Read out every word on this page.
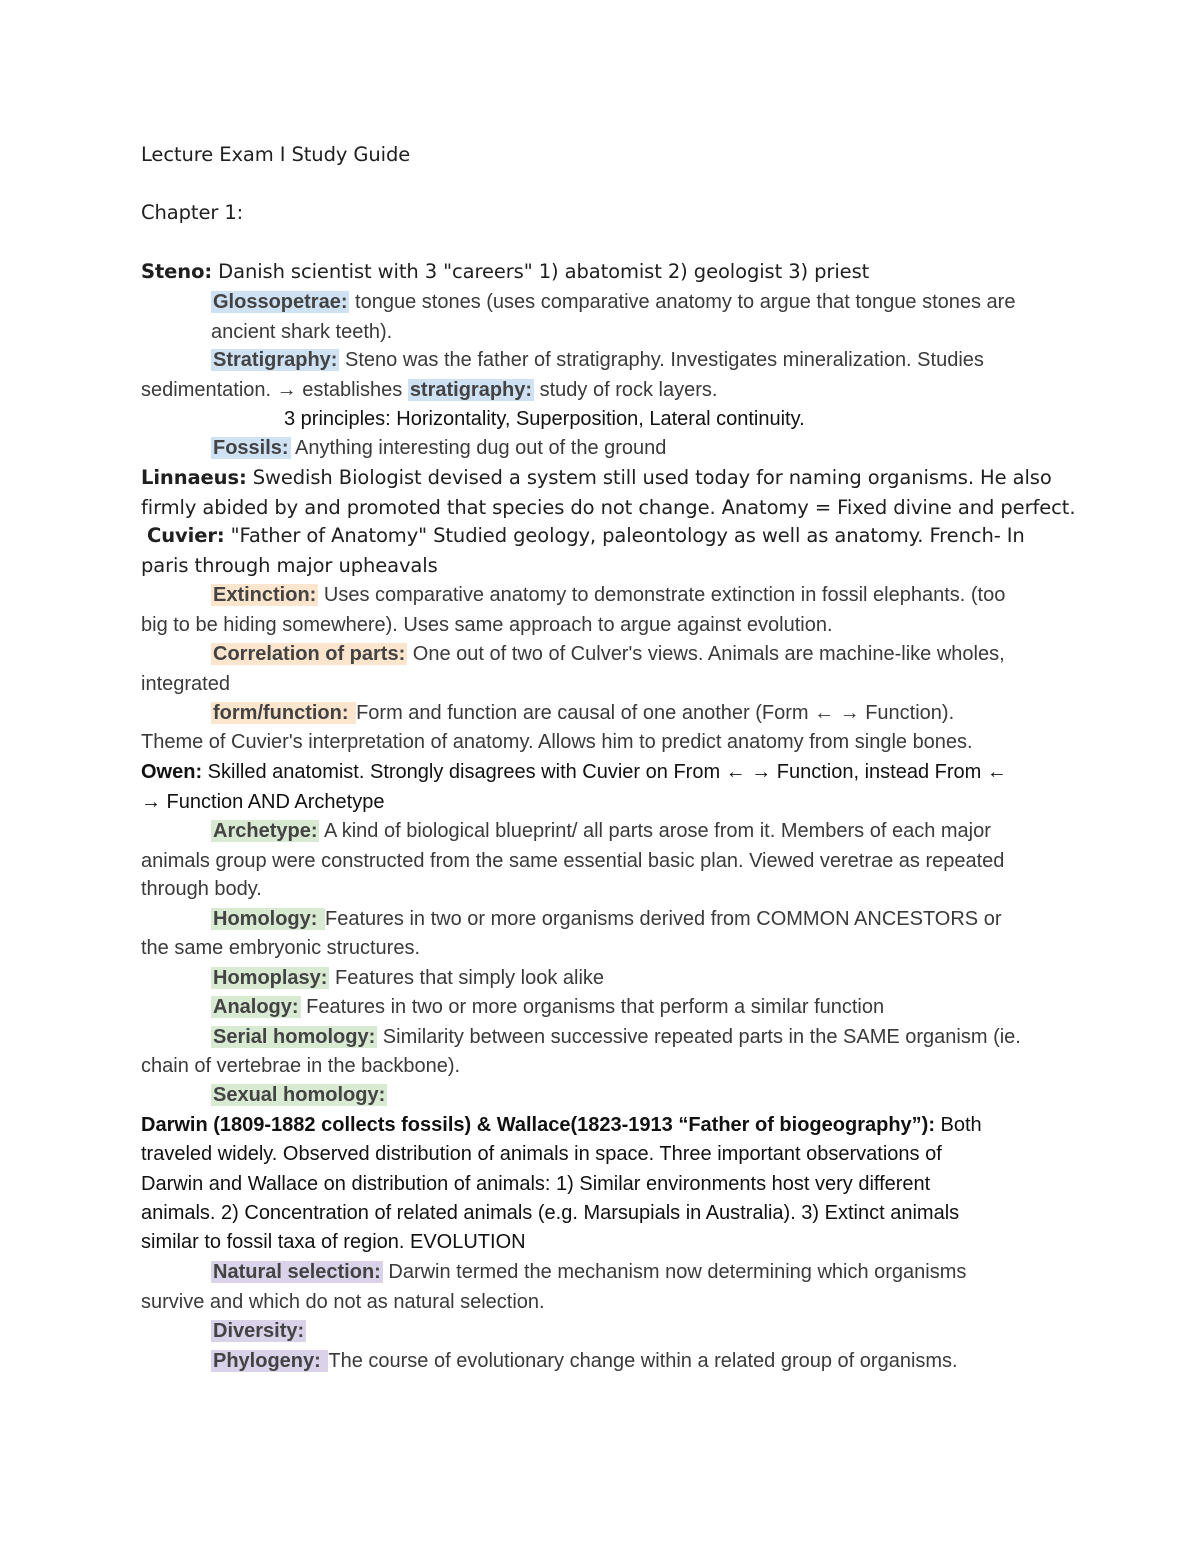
Lecture Exam I Study Guide
Chapter 1:
Steno: Danish scientist with 3 "careers" 1) abatomist 2) geologist 3) priest
Glossopetrae: tongue stones (uses comparative anatomy to argue that tongue stones are
ancient shark teeth).
Stratigraphy: Steno was the father of stratigraphy. Investigates mineralization. Studies
sedimentation. → establishes stratigraphy: study of rock layers.
3 principles: Horizontality, Superposition, Lateral continuity.
Fossils: Anything interesting dug out of the ground
Linnaeus: Swedish Biologist devised a system still used today for naming organisms. He also
firmly abided by and promoted that species do not change. Anatomy = Fixed divine and perfect.
Cuvier: "Father of Anatomy" Studied geology, paleontology as well as anatomy. French- In
paris through major upheavals
Extinction: Uses comparative anatomy to demonstrate extinction in fossil elephants. (too
big to be hiding somewhere). Uses same approach to argue against evolution.
Correlation of parts: One out of two of Culver's views. Animals are machine-like wholes,
integrated
form/function: Form and function are causal of one another (Form ← → Function).
Theme of Cuvier's interpretation of anatomy. Allows him to predict anatomy from single bones.
Owen: Skilled anatomist. Strongly disagrees with Cuvier on From ← → Function, instead From ←
→ Function AND Archetype
Archetype: A kind of biological blueprint/ all parts arose from it. Members of each major
animals group were constructed from the same essential basic plan. Viewed veretrae as repeated
through body.
Homology: Features in two or more organisms derived from COMMON ANCESTORS or
the same embryonic structures.
Homoplasy: Features that simply look alike
Analogy: Features in two or more organisms that perform a similar function
Serial homology: Similarity between successive repeated parts in the SAME organism (ie.
chain of vertebrae in the backbone).
Sexual homology:
Darwin (1809-1882 collects fossils) & Wallace(1823-1913 “Father of biogeography”): Both
traveled widely. Observed distribution of animals in space. Three important observations of
Darwin and Wallace on distribution of animals: 1) Similar environments host very different
animals. 2) Concentration of related animals (e.g. Marsupials in Australia). 3) Extinct animals
similar to fossil taxa of region. EVOLUTION
Natural selection: Darwin termed the mechanism now determining which organisms
survive and which do not as natural selection.
Diversity:
Phylogeny: The course of evolutionary change within a related group of organisms.
